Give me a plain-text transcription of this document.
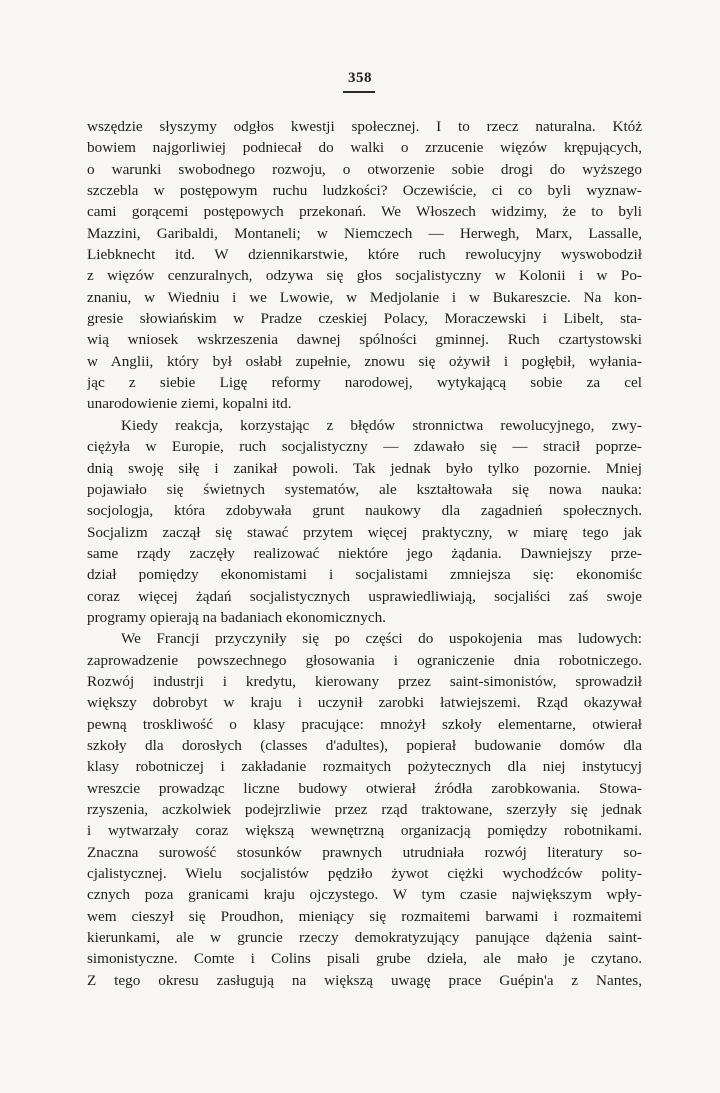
358
wszędzie słyszymy odgłos kwestji społecznej. I to rzecz naturalna. Któż
bowiem najgorliwiej podniecał do walki o zrzucenie więzów krępujących,
o warunki swobodnego rozwoju, o otworzenie sobie drogi do wyższego
szczebla w postępowym ruchu ludzkości? Oczewiście, ci co byli wyznaw-
cami gorącemi postępowych przekonań. We Włoszech widzimy, że to byli
Mazzini, Garibaldi, Montaneli; w Niemczech — Herwegh, Marx, Lassalle,
Liebknecht itd. W dziennikarstwie, które ruch rewolucyjny wyswobodził
z więzów cenzuralnych, odzywa się głos socjalistyczny w Kolonii i w Po-
znaniu, w Wiedniu i we Lwowie, w Medjolanie i w Bukareszcie. Na kon-
gresie słowiańskim w Pradze czeskiej Polacy, Moraczewski i Libelt, sta-
wią wniosek wskrzeszenia dawnej spólności gminnej. Ruch czartystowski
w Anglii, który był osłabł zupełnie, znowu się ożywił i pogłębił, wyłania-
jąc z siebie Ligę reformy narodowej, wytykającą sobie za cel
unarodowienie ziemi, kopalni itd.
Kiedy reakcja, korzystając z błędów stronnictwa rewolucyjnego, zwy-
ciężyła w Europie, ruch socjalistyczny — zdawało się — stracił poprze-
dnią swoję siłę i zanikał powoli. Tak jednak było tylko pozornie. Mniej
pojawiało się świetnych systematów, ale kształtowała się nowa nauka:
socjologja, która zdobywała grunt naukowy dla zagadnień społecznych.
Socjalizm zaczął się stawać przytem więcej praktyczny, w miarę tego jak
same rządy zaczęły realizować niektóre jego żądania. Dawniejszy prze-
dział pomiędzy ekonomistami i socjalistami zmniejsza się: ekonomiśc
coraz więcej żądań socjalistycznych usprawiedliwiają, socjaliści zaś swoje
programy opierają na badaniach ekonomicznych.
We Francji przyczyniły się po części do uspokojenia mas ludowych:
zaprowadzenie powszechnego głosowania i ograniczenie dnia robotniczego.
Rozwój industrji i kredytu, kierowany przez saint-simonistów, sprowadził
większy dobrobyt w kraju i uczynił zarobki łatwiejszemi. Rząd okazywał
pewną troskliwość o klasy pracujące: mnożył szkoły elementarne, otwierał
szkoły dla dorosłych (classes d'adultes), popierał budowanie domów dla
klasy robotniczej i zakładanie rozmaitych pożytecznych dla niej instytucyj
wreszcie prowadząc liczne budowy otwierał źródła zarobkowania. Stowa-
rzyszenia, aczkolwiek podejrzliwie przez rząd traktowane, szerzyły się jednak
i wytwarzały coraz większą wewnętrzną organizacją pomiędzy robotnikami.
Znaczna surowość stosunków prawnych utrudniała rozwój literatury so-
cjalistycznej. Wielu socjalistów pędziło żywot ciężki wychodźców polity-
cznych poza granicami kraju ojczystego. W tym czasie największym wpły-
wem cieszył się Proudhon, mieniący się rozmaitemi barwami i rozmaitemi
kierunkami, ale w gruncie rzeczy demokratyzujący panujące dążenia saint-
simonistyczne. Comte i Colins pisali grube dzieła, ale mało je czytano.
Z tego okresu zasługują na większą uwagę prace Guépin'a z Nantes,
